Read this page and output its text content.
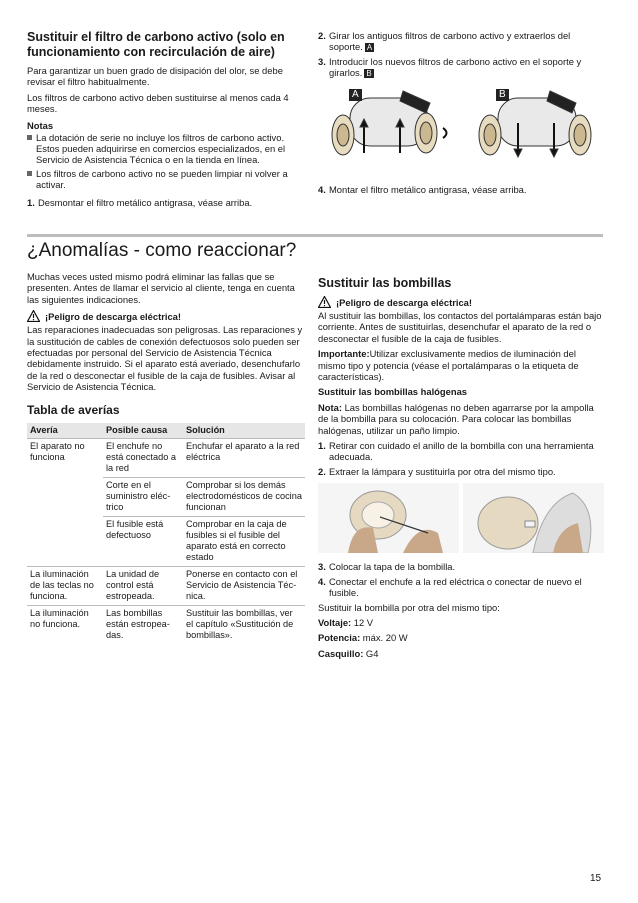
Sustituir el filtro de carbono activo (solo en funcionamiento con recirculación de aire)

Para garantizar un buen grado de disipación del olor, se debe revisar el filtro habitualmente.

Los filtros de carbono activo deben sustituirse al menos cada 4 meses.

Notas
La dotación de serie no incluye los filtros de carbono activo. Estos pueden adquirirse en comercios especializados, en el Servicio de Asistencia Técnica o en la tienda en línea.
Los filtros de carbono activo no se pueden limpiar ni volver a activar.
1. Desmontar el filtro metálico antigrasa, véase arriba.
2. Girar los antiguos filtros de carbono activo y extraerlos del soporte. A
3. Introducir los nuevos filtros de carbono activo en el soporte y girarlos. B
A	B
4. Montar el filtro metálico antigrasa, véase arriba.
¿Anomalías - como reaccionar?

Muchas veces usted mismo podrá eliminar las fallas que se presenten. Antes de llamar el servicio al cliente, tenga en cuenta las siguientes indicaciones.

¡Peligro de descarga eléctrica!

Las reparaciones inadecuadas son peligrosas. Las reparaciones y la sustitución de cables de conexión defectuosos solo pueden ser efectuadas por personal del Servicio de Asistencia Técnica debidamente instruido. Si el aparato está averiado, desenchufarlo de la red o desconectar el fusible de la caja de fusibles. Avisar al Servicio de Asistencia Técnica.

Tabla de averías
Avería	Posible causa	Solución
El aparato no funciona	El enchufe no está conectado a la red	Enchufar el aparato a la red eléctrica
	Corte en el suministro eléc-trico	Comprobar si los demás electrodomésticos de cocina funcionan
	El fusible está defectuoso	Comprobar en la caja de fusibles si el fusible del aparato está en correcto estado
La iluminación de las teclas no funciona.	La unidad de control está estropeada.	Ponerse en contacto con el Servicio de Asistencia Téc-nica.
La iluminación no funciona.	Las bombillas están estropea-das.	Sustituir las bombillas, ver el capítulo «Sustitución de bombillas».
Sustituir las bombillas
¡Peligro de descarga eléctrica!

Al sustituir las bombillas, los contactos del portalámparas están bajo corriente. Antes de sustituirlas, desenchufar el aparato de la red o desconectar el fusible de la caja de fusibles.

Importante:Utilizar exclusivamente medios de iluminación del mismo tipo y potencia (véase el portalámparas o la etiqueta de características).

Sustituir las bombillas halógenas

Nota: Las bombillas halógenas no deben agarrarse por la ampolla de la bombilla para su colocación. Para colocar las bombillas halógenas, utilizar un paño limpio.

1. Retirar con cuidado el anillo de la bombilla con una herramienta adecuada.
2. Extraer la lámpara y sustituirla por otra del mismo tipo.
3. Colocar la tapa de la bombilla.
4. Conectar el enchufe a la red eléctrica o conectar de nuevo el fusible.

Sustituir la bombilla por otra del mismo tipo:

Voltaje: 12 V

Potencia: máx. 20 W

Casquillo: G4

15
